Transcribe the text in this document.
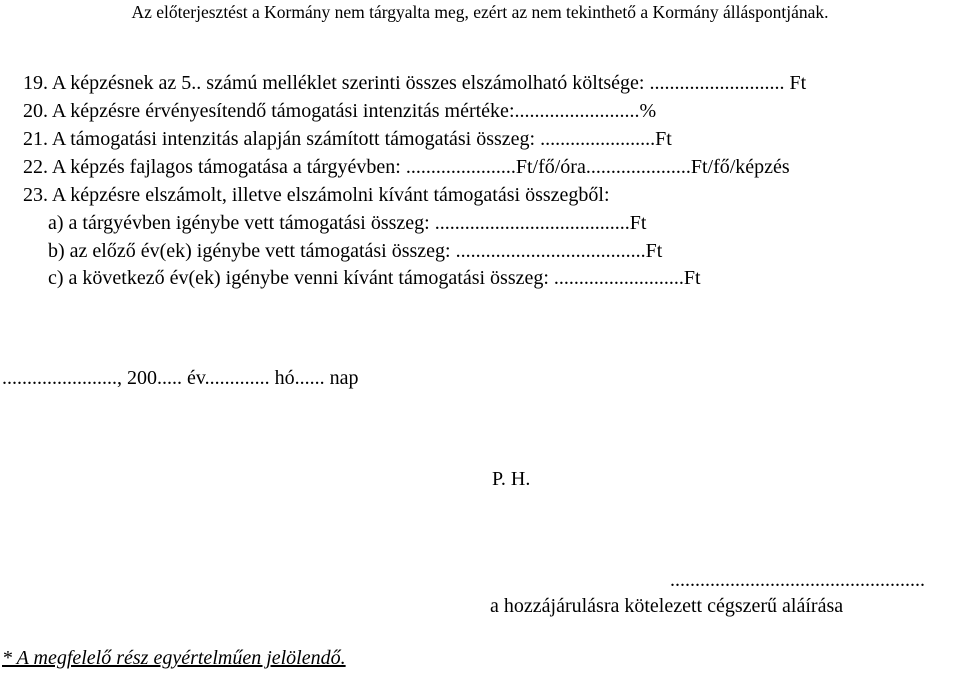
Az előterjesztést a Kormány nem tárgyalta meg, ezért az nem tekinthető a Kormány álláspontjának.
19. A képzésnek az 5.. számú melléklet szerinti összes elszámolható költsége: ........................... Ft
20. A képzésre érvényesítendő támogatási intenzitás mértéke:.........................%
21. A támogatási intenzitás alapján számított támogatási összeg: .......................Ft
22. A képzés fajlagos támogatása a tárgyévben: ......................Ft/fő/óra.....................Ft/fő/képzés
23. A képzésre elszámolt, illetve elszámolni kívánt támogatási összegből:
a) a tárgyévben igénybe vett támogatási összeg: .......................................Ft
b) az előző év(ek) igénybe vett támogatási összeg: ......................................Ft
c) a következő év(ek) igénybe venni kívánt támogatási összeg: ..........................Ft
......................., 200..... év............. hó...... nap
P. H.
...................................................
a hozzájárulásra kötelezett cégszerű aláírása
* A megfelelő rész egyértelműen jelölendő.
